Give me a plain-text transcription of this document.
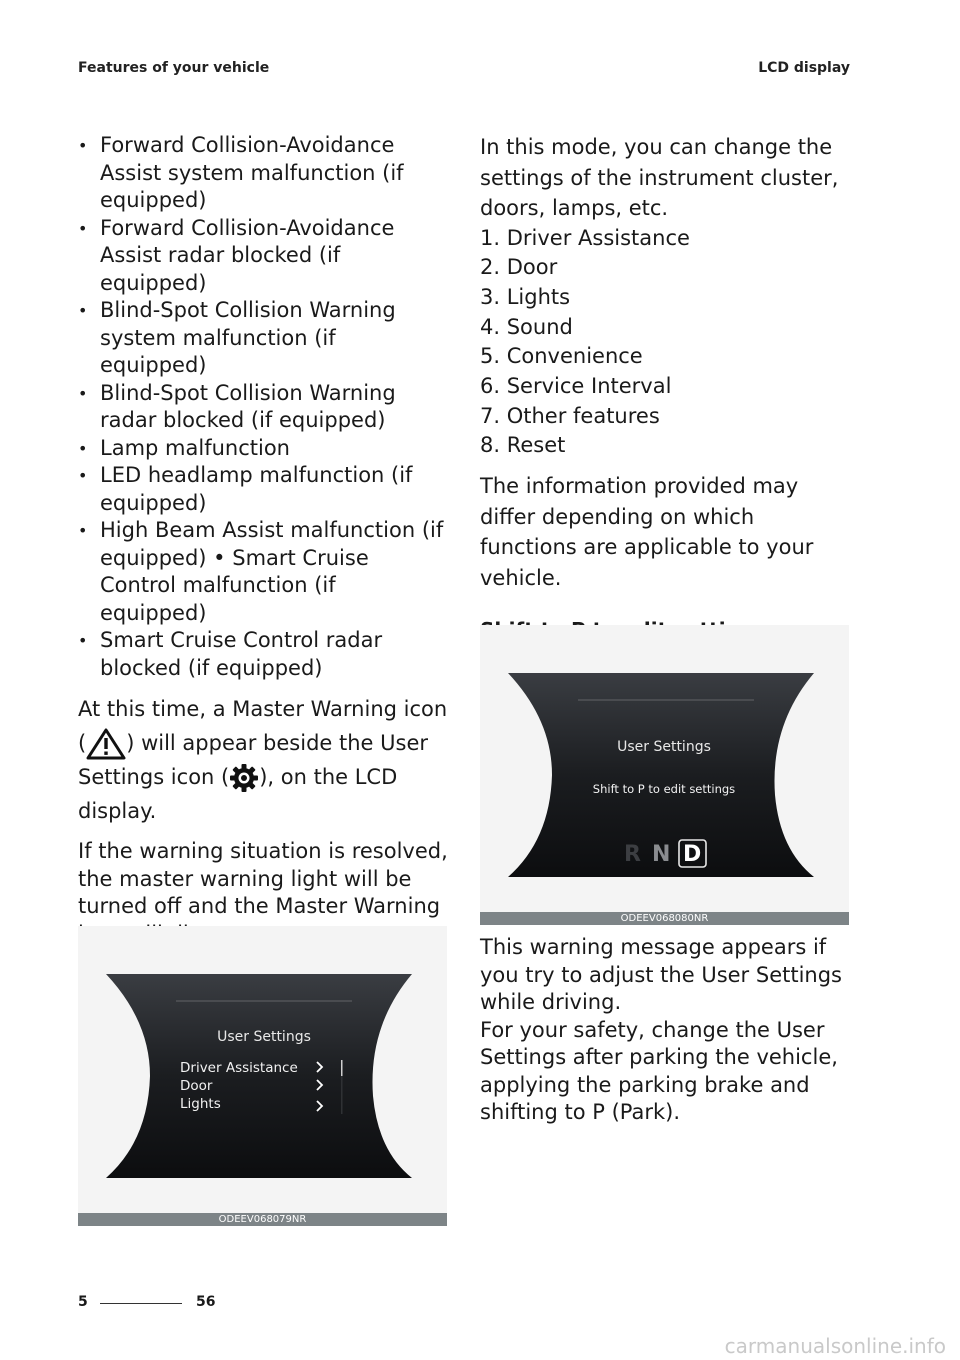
Features of your vehicle	LCD display
• Forward Collision-Avoidance Assist system malfunction (if equipped)
• Forward Collision-Avoidance Assist radar blocked (if equipped)
• Blind-Spot Collision Warning system malfunction (if equipped)
• Blind-Spot Collision Warning radar blocked (if equipped)
• Lamp malfunction
• LED headlamp malfunction (if equipped)
• High Beam Assist malfunction (if equipped) • Smart Cruise Control malfunction (if equipped)
• Smart Cruise Control radar blocked (if equipped)

At this time, a Master Warning icon ( ) will appear beside the User Settings icon ( ), on the LCD display.

If the warning situation is resolved, the master warning light will be turned off and the Master Warning

User Settings
Driver Assistance
Door
Lights
ODEEV068079NR

In this mode, you can change the settings of the instrument cluster, doors, lamps, etc.

1. Driver Assistance
2. Door
3. Lights
4. Sound
5. Convenience
6. Service Interval
7. Other features
8. Reset

The information provided may differ depending on which functions are applicable to your vehicle.

User Settings
Shift to P to edit settings
R N D
ODEEV068080NR

This warning message appears if you try to adjust the User Settings while driving.

For your safety, change the User Settings after parking the vehicle, applying the parking brake and shifting to P (Park).

5	56
carmanualsonline.info
